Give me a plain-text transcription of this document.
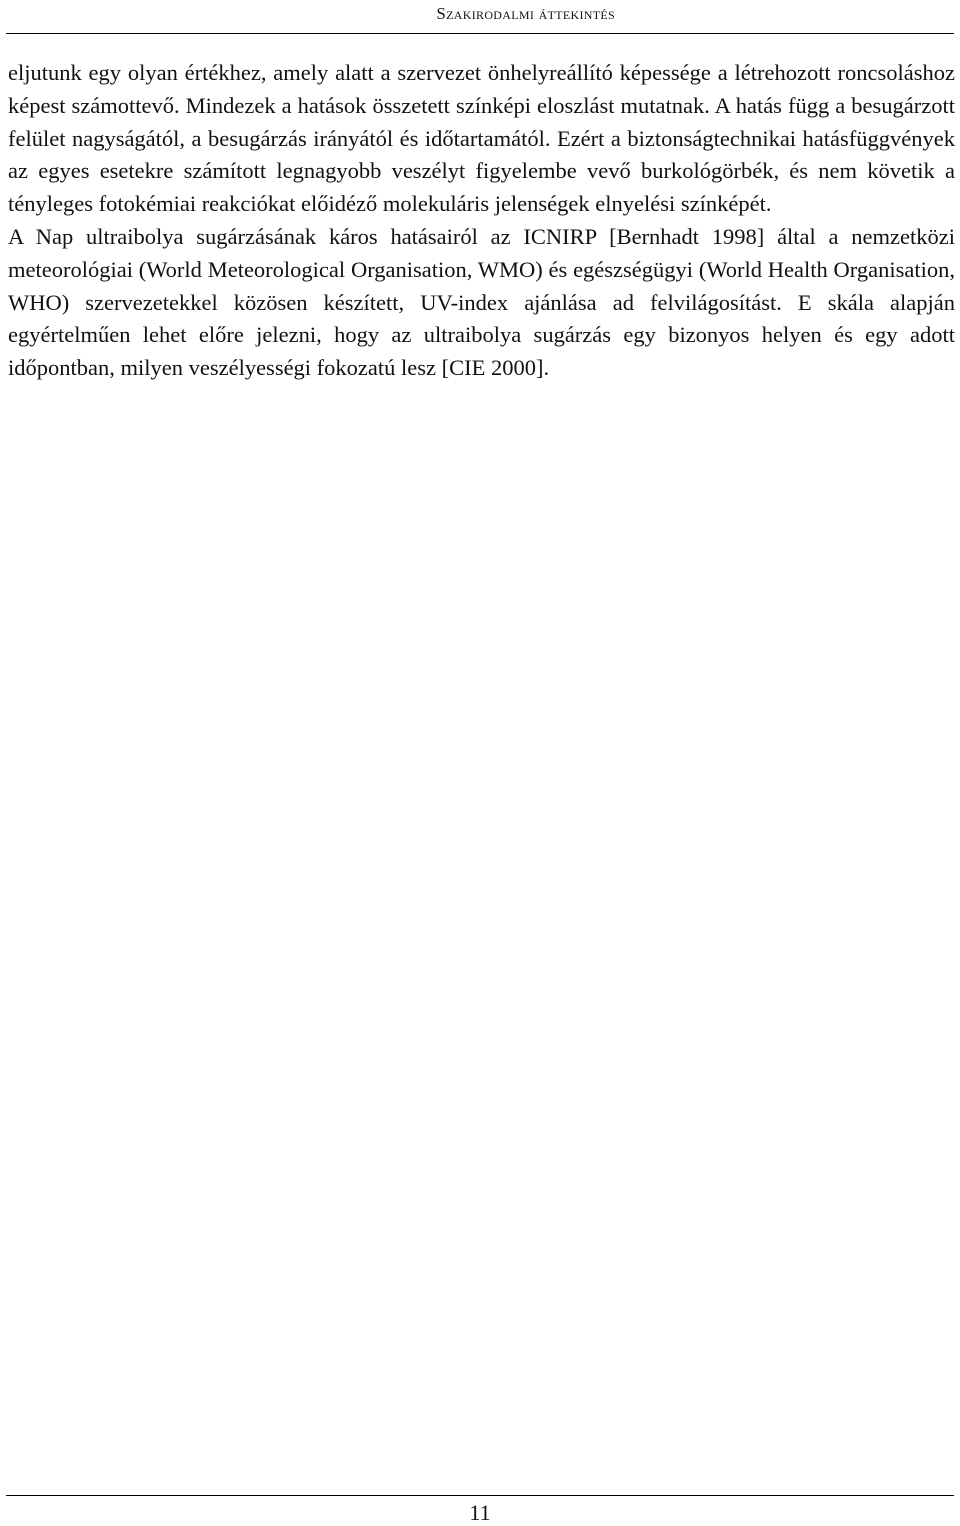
Szakirodalmi áttekintés

eljutunk egy olyan értékhez, amely alatt a szervezet önhelyreállító képessége a létrehozott roncsoláshoz képest számottevő. Mindezek a hatások összetett színképi eloszlást mutatnak. A hatás függ a besugárzott felület nagyságától, a besugárzás irányától és időtartamától. Ezért a biztonságtechnikai hatásfüggvények az egyes esetekre számított legnagyobb veszélyt figyelembe vevő burkológörbék, és nem követik a tényleges fotokémiai reakciókat előidéző molekuláris jelenségek elnyelési színképét.

A Nap ultraibolya sugárzásának káros hatásairól az ICNIRP [Bernhadt 1998] által a nemzetközi meteorológiai (World Meteorological Organisation, WMO) és egészségügyi (World Health Organisation, WHO) szervezetekkel közösen készített, UV-index ajánlása ad felvilágosítást. E skála alapján egyértelműen lehet előre jelezni, hogy az ultraibolya sugárzás egy bizonyos helyen és egy adott időpontban, milyen veszélyességi fokozatú lesz [CIE 2000].

11
